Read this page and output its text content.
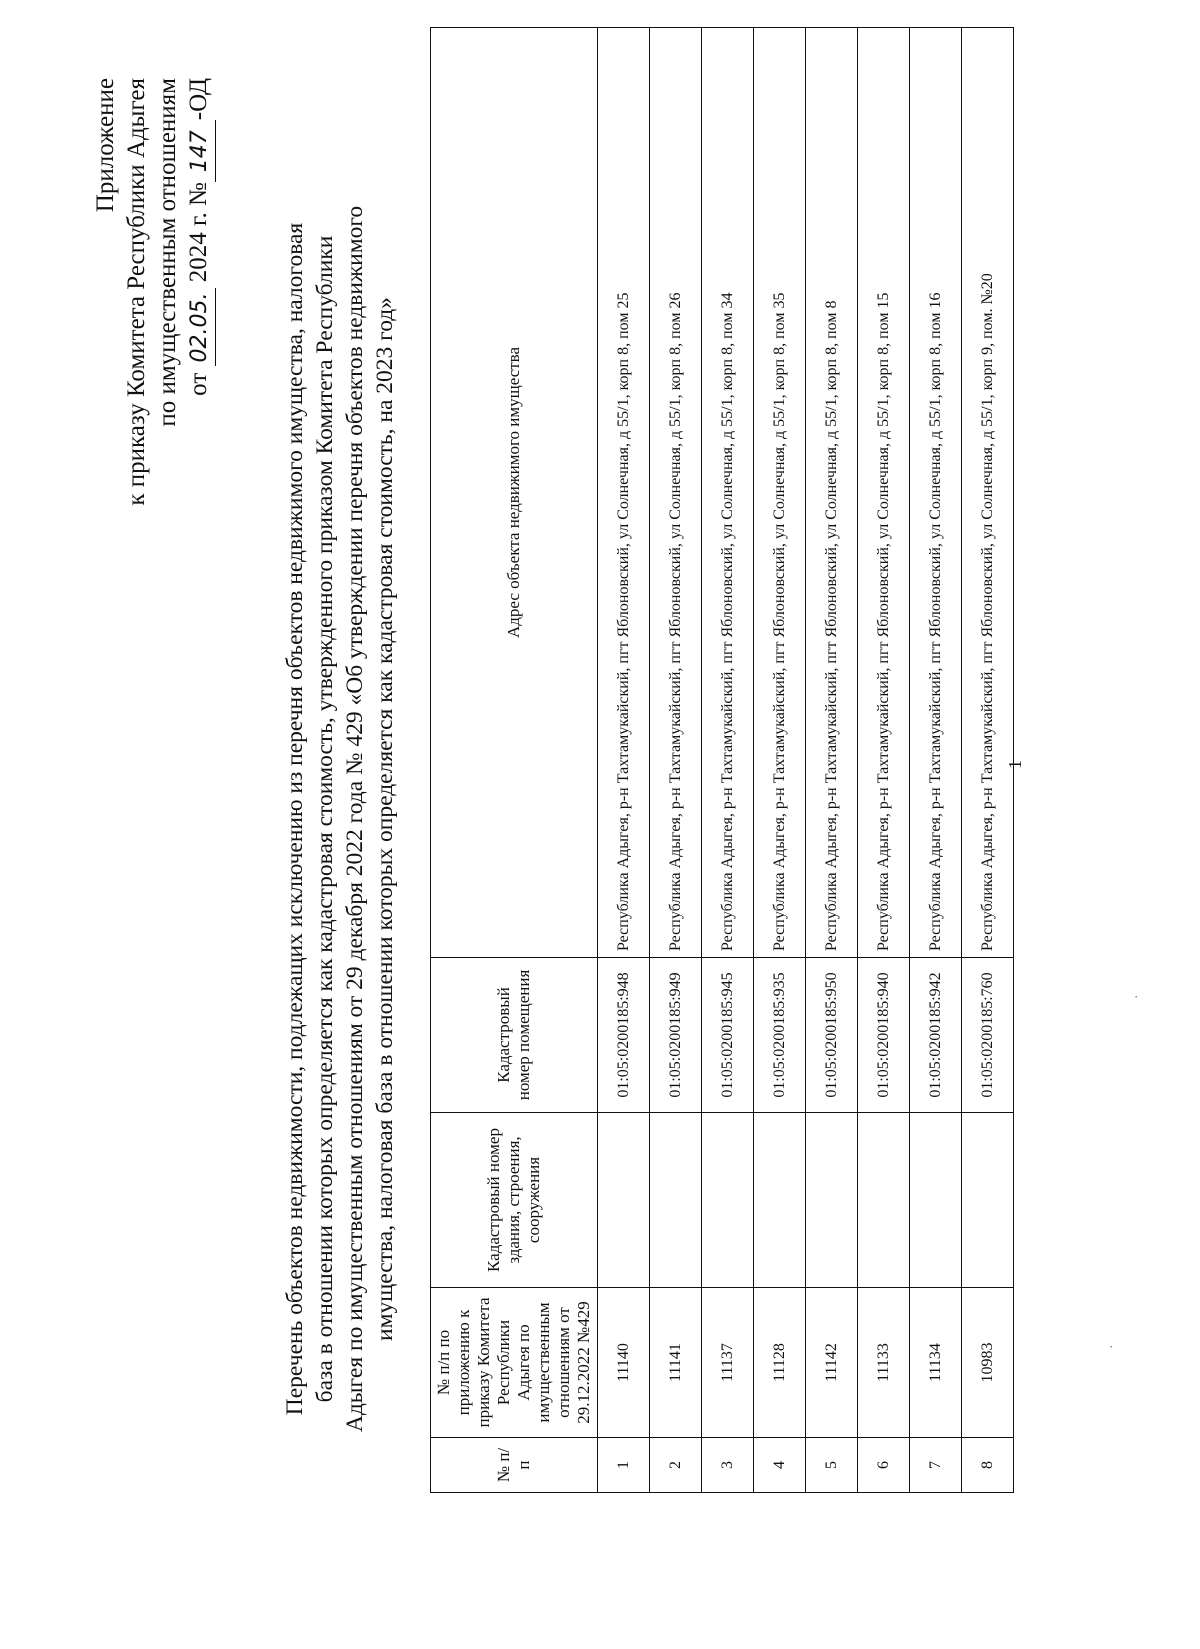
Приложение к приказу Комитета Республики Адыгея по имущественным отношениям от 02.05. 2024 г. №147-ОД
Перечень объектов недвижимости, подлежащих исключению из перечня объектов недвижимого имущества, налоговая база в отношении которых определяется как кадастровая стоимость, утвержденного приказом Комитета Республики Адыгея по имущественным отношениям от 29 декабря 2022 года № 429 «Об утверждении перечня объектов недвижимого имущества, налоговая база в отношении которых определяется как кадастровая стоимость, на 2023 год»
№ п/п	№ п/п по приложению к приказу Комитета Республики Адыгея по имущественным отношениям от 29.12.2022 №429	Кадастровый номер здания, строения, сооружения	Кадастровый номер помещения	Адрес объекта недвижимого имущества
1	11140		01:05:0200185:948	Республика Адыгея, р-н Тахтамукайский, пгт Яблоновский, ул Солнечная, д 55/1, корп 8, пом 25
2	11141		01:05:0200185:949	Республика Адыгея, р-н Тахтамукайский, пгт Яблоновский, ул Солнечная, д 55/1, корп 8, пом 26
3	11137		01:05:0200185:945	Республика Адыгея, р-н Тахтамукайский, пгт Яблоновский, ул Солнечная, д 55/1, корп 8, пом 34
4	11128		01:05:0200185:935	Республика Адыгея, р-н Тахтамукайский, пгт Яблоновский, ул Солнечная, д 55/1, корп 8, пом 35
5	11142		01:05:0200185:950	Республика Адыгея, р-н Тахтамукайский, пгт Яблоновский, ул Солнечная, д 55/1, корп 8, пом 8
6	11133		01:05:0200185:940	Республика Адыгея, р-н Тахтамукайский, пгт Яблоновский, ул Солнечная, д 55/1, корп 8, пом 15
7	11134		01:05:0200185:942	Республика Адыгея, р-н Тахтамукайский, пгт Яблоновский, ул Солнечная, д 55/1, корп 8, пом 16
8	10983		01:05:0200185:760	Республика Адыгея, р-н Тахтамукайский, пгт Яблоновский, ул Солнечная, д 55/1, корп 9, пом. №20 1
·
·
